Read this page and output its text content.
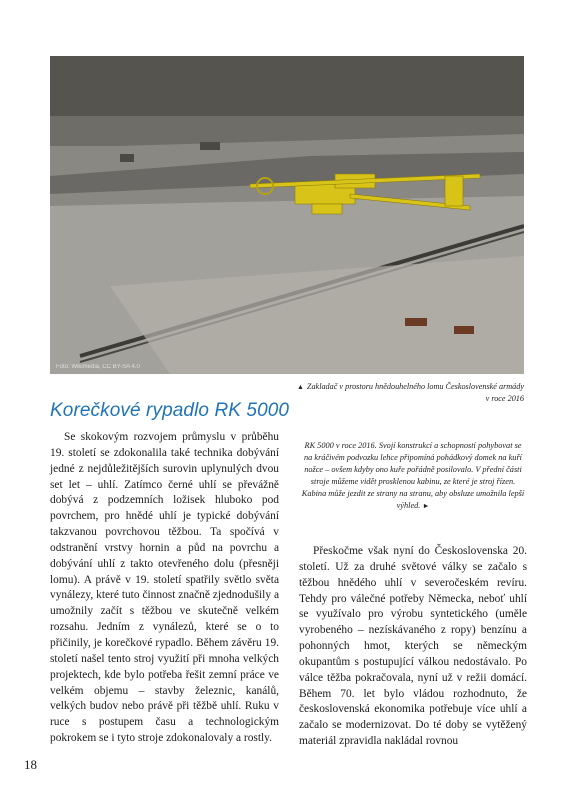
Foto: Wikimedia, CC BY-SA 4.0
▲ Zakladač v prostoru hnědouhelného lomu Československé armády v roce 2016
Korečkové rypadlo RK 5000

Se skokovým rozvojem průmyslu v průběhu 19. století se zdokonalila také technika dobývání jedné z nejdůležitějších surovin uplynulých dvou set let – uhlí. Zatímco černé uhlí se převážně dobývá z podzemních ložisek hluboko pod povrchem, pro hnědé uhlí je typické dobývání takzvanou povrchovou těžbou. Ta spočívá v odstranění vrstvy hornin a půd na povrchu a dobývání uhlí z takto otevřeného dolu (přesněji lomu). A právě v 19. století spatřily světlo světa vynálezy, které tuto činnost značně zjednodušily a umožnily začít s těžbou ve skutečně velkém rozsahu. Jedním z vynálezů, které se o to přičinily, je korečkové rypadlo. Během závěru 19. století našel tento stroj využití při mnoha velkých projektech, kde bylo potřeba řešit zemní práce ve velkém objemu – stavby železnic, kanálů, velkých budov nebo právě při těžbě uhlí. Ruku v ruce s postupem času a technologickým pokrokem se i tyto stroje zdokonalovaly a rostly.

RK 5000 v roce 2016. Svojí konstrukcí a schopností pohybovat se na kráčivém podvozku lehce připomíná pohádkový domek na kuří nožce – ovšem kdyby ono kuře pořádně posilovalo. V přední části stroje můžeme vidět prosklenou kabinu, ze které je stroj řízen. Kabina může jezdit ze strany na stranu, aby obsluze umožnila lepší výhled. ►

Přeskočme však nyní do Československa 20. století. Už za druhé světové války se začalo s těžbou hnědého uhlí v severočeském revíru. Tehdy pro válečné potřeby Německa, neboť uhlí se využívalo pro výrobu syntetického (uměle vyrobeného – nezískávaného z ropy) benzínu a pohonných hmot, kterých se německým okupantům s postupující válkou nedostávalo. Po válce těžba pokračovala, nyní už v režii domácí. Během 70. let bylo vládou rozhodnuto, že československá ekonomika potřebuje více uhlí a začalo se modernizovat. Do té doby se vytěžený materiál zpravidla nakládal rovnou

18
